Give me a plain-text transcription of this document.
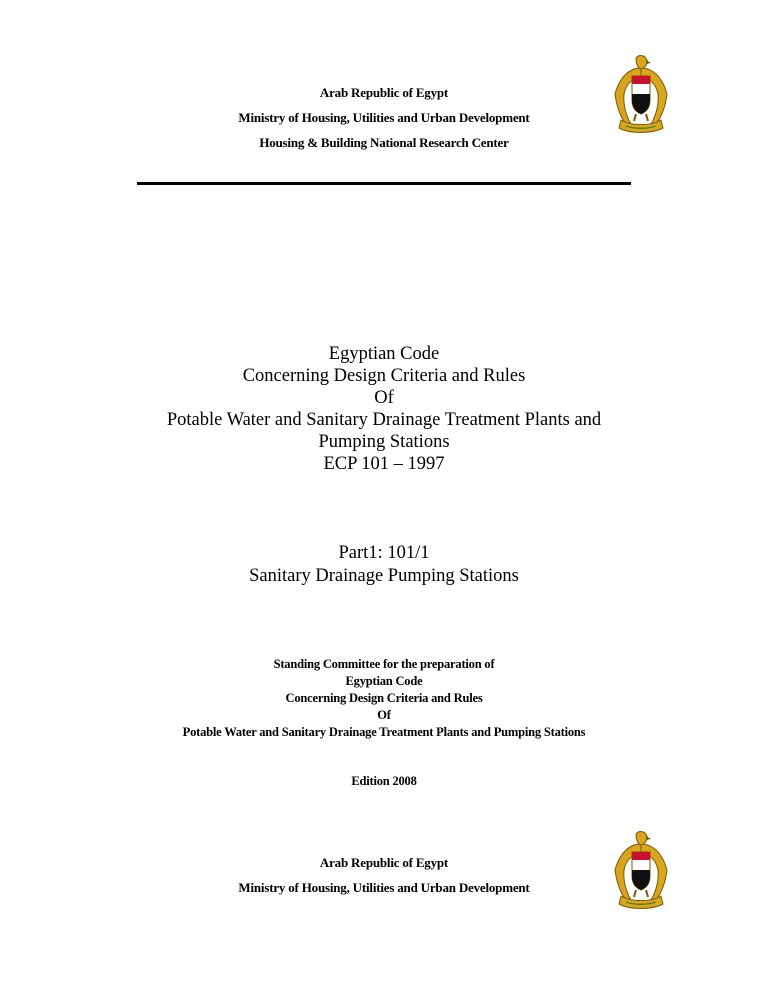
Arab Republic of Egypt
Ministry of Housing, Utilities and Urban Development
Housing & Building National Research Center
Egyptian Code
Concerning Design Criteria and Rules
Of
Potable Water and Sanitary Drainage Treatment Plants and
Pumping Stations
ECP 101 – 1997
Part1: 101/1
Sanitary Drainage Pumping Stations
Standing Committee for the preparation of
Egyptian Code
Concerning Design Criteria and Rules
Of
Potable Water and Sanitary Drainage Treatment Plants and Pumping Stations
Edition 2008
Arab Republic of Egypt
Ministry of Housing, Utilities and Urban Development
